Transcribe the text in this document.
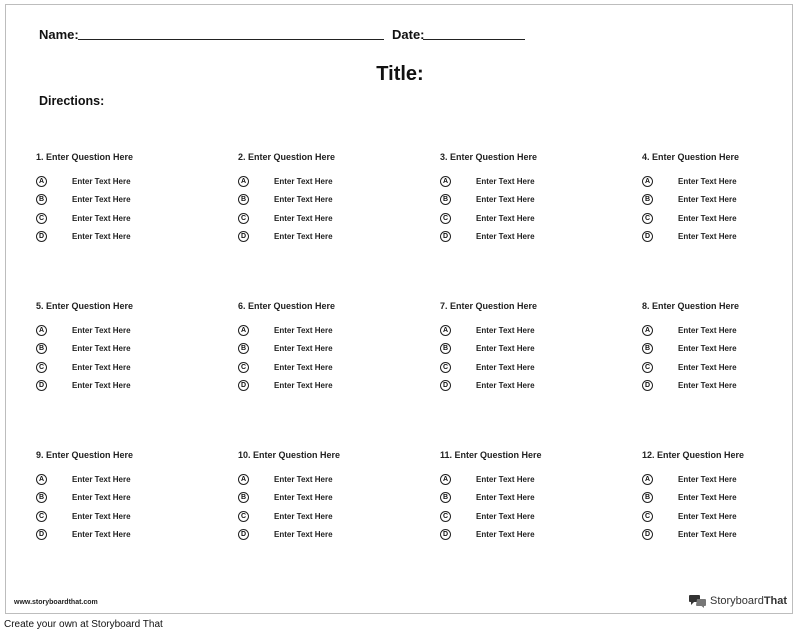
Name:	Date:
Title:
Directions:
1. Enter Question Here
A	Enter Text Here
B	Enter Text Here
C	Enter Text Here
D	Enter Text Here
2. Enter Question Here
A	Enter Text Here
B	Enter Text Here
C	Enter Text Here
D	Enter Text Here
3. Enter Question Here
A	Enter Text Here
B	Enter Text Here
C	Enter Text Here
D	Enter Text Here
4. Enter Question Here
A	Enter Text Here
B	Enter Text Here
C	Enter Text Here
D	Enter Text Here
5. Enter Question Here
A	Enter Text Here
B	Enter Text Here
C	Enter Text Here
D	Enter Text Here
6. Enter Question Here
A	Enter Text Here
B	Enter Text Here
C	Enter Text Here
D	Enter Text Here
7. Enter Question Here
A	Enter Text Here
B	Enter Text Here
C	Enter Text Here
D	Enter Text Here
8. Enter Question Here
A	Enter Text Here
B	Enter Text Here
C	Enter Text Here
D	Enter Text Here
9. Enter Question Here
A	Enter Text Here
B	Enter Text Here
C	Enter Text Here
D	Enter Text Here
10. Enter Question Here
A	Enter Text Here
B	Enter Text Here
C	Enter Text Here
D	Enter Text Here
11. Enter Question Here
A	Enter Text Here
B	Enter Text Here
C	Enter Text Here
D	Enter Text Here
12. Enter Question Here
A	Enter Text Here
B	Enter Text Here
C	Enter Text Here
D	Enter Text Here
www.storyboardthat.com	StoryboardThat
Create your own at Storyboard That
